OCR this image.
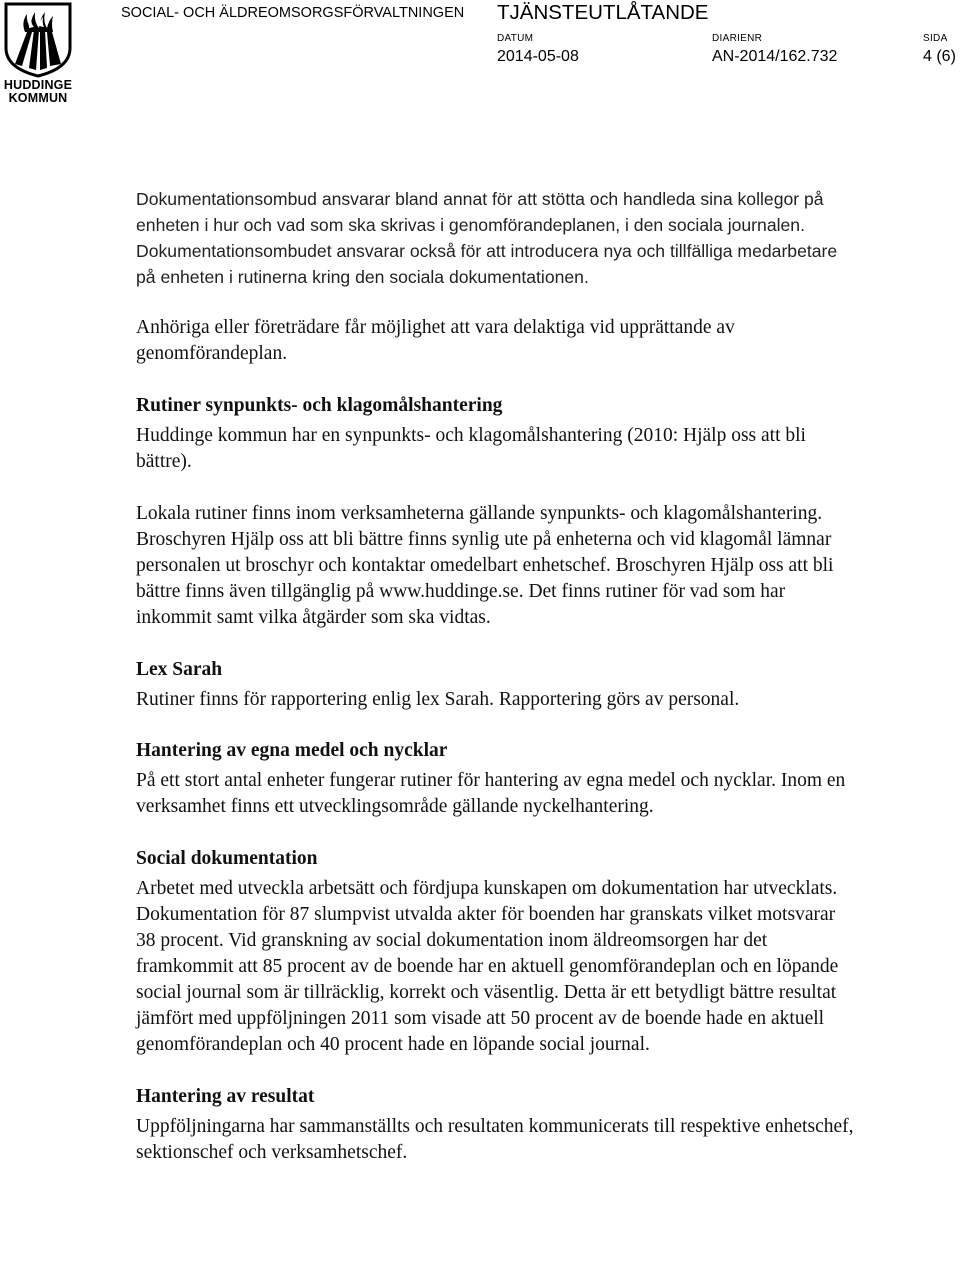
HUDDINGE
KOMMUN
SOCIAL- OCH ÄLDREOMSORGSFÖRVALTNINGEN TJÄNSTEUTLÅTANDE
DATUM
2014-05-08
DIARIENR
AN-2014/162.732
SIDA
4 (6)

Dokumentationsombud ansvarar bland annat för att stötta och handleda sina kollegor på enheten i hur och vad som ska skrivas i genomförandeplanen, i den sociala journalen. Dokumentationsombudet ansvarar också för att introducera nya och tillfälliga medarbetare på enheten i rutinerna kring den sociala dokumentationen.

Anhöriga eller företrädare får möjlighet att vara delaktiga vid upprättande av genomförandeplan.

Rutiner synpunkts- och klagomålshantering

Huddinge kommun har en synpunkts- och klagomålshantering (2010: Hjälp oss att bli bättre).

Lokala rutiner finns inom verksamheterna gällande synpunkts- och klagomålshantering. Broschyren Hjälp oss att bli bättre finns synlig ute på enheterna och vid klagomål lämnar personalen ut broschyr och kontaktar omedelbart enhetschef. Broschyren Hjälp oss att bli bättre finns även tillgänglig på www.huddinge.se. Det finns rutiner för vad som har inkommit samt vilka åtgärder som ska vidtas.

Lex Sarah

Rutiner finns för rapportering enlig lex Sarah. Rapportering görs av personal.

Hantering av egna medel och nycklar

På ett stort antal enheter fungerar rutiner för hantering av egna medel och nycklar. Inom en verksamhet finns ett utvecklingsområde gällande nyckelhantering.

Social dokumentation

Arbetet med utveckla arbetsätt och fördjupa kunskapen om dokumentation har utvecklats. Dokumentation för 87 slumpvist utvalda akter för boenden har granskats vilket motsvarar 38 procent. Vid granskning av social dokumentation inom äldreomsorgen har det framkommit att 85 procent av de boende har en aktuell genomförandeplan och en löpande social journal som är tillräcklig, korrekt och väsentlig. Detta är ett betydligt bättre resultat jämfört med uppföljningen 2011 som visade att 50 procent av de boende hade en aktuell genomförandeplan och 40 procent hade en löpande social journal.

Hantering av resultat

Uppföljningarna har sammanställts och resultaten kommunicerats till respektive enhetschef, sektionschef och verksamhetschef.
